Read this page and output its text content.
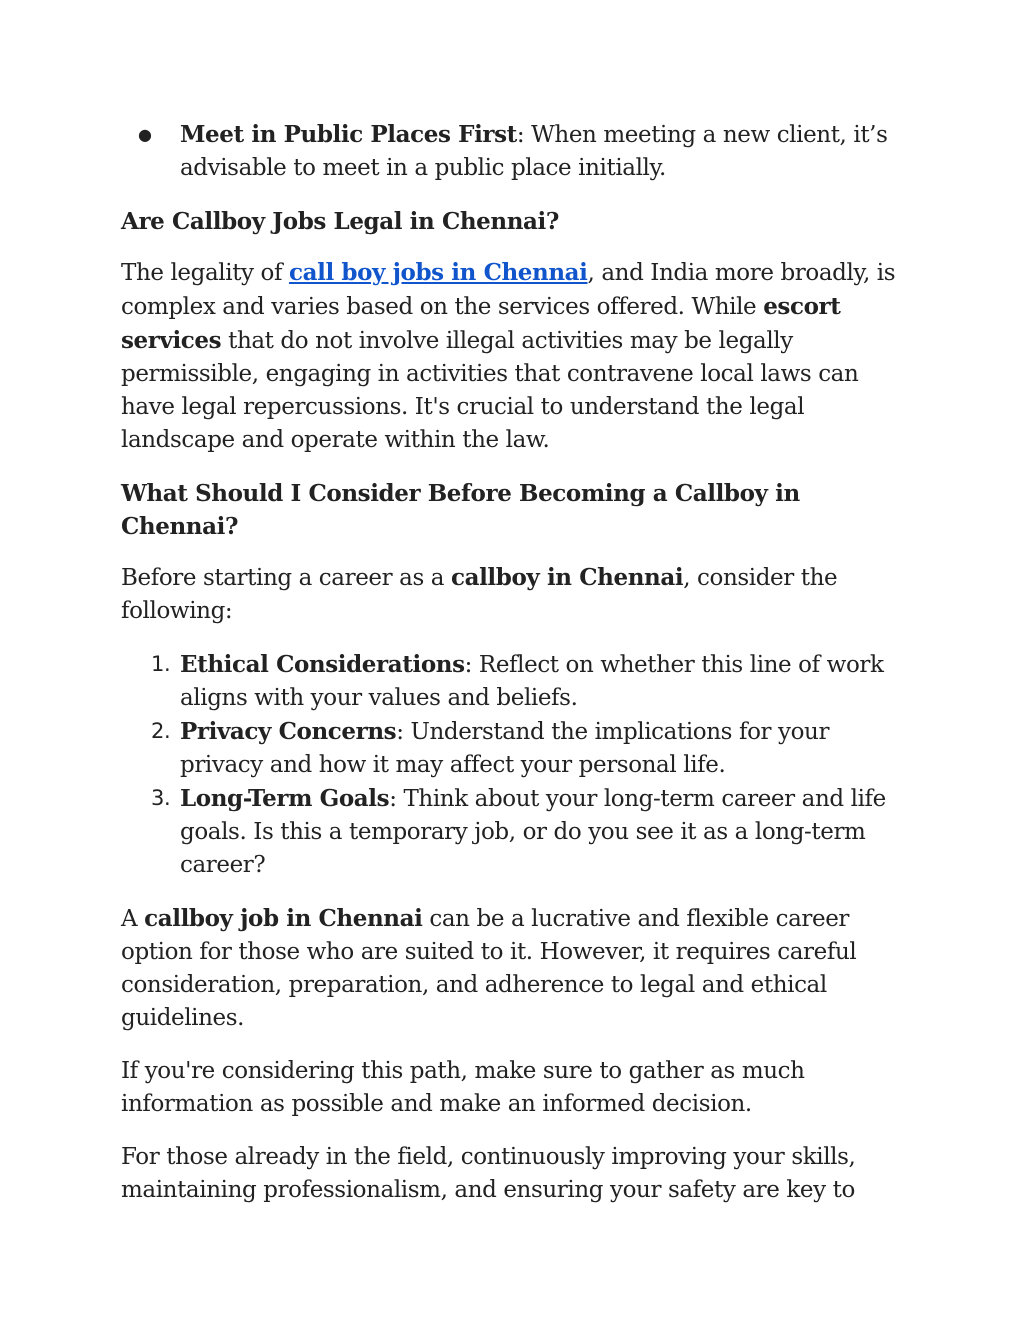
● Meet in Public Places First: When meeting a new client, it’s advisable to meet in a public place initially.
Are Callboy Jobs Legal in Chennai?

The legality of call boy jobs in Chennai, and India more broadly, is complex and varies based on the services offered. While escort services that do not involve illegal activities may be legally permissible, engaging in activities that contravene local laws can have legal repercussions. It's crucial to understand the legal landscape and operate within the law.

What Should I Consider Before Becoming a Callboy in Chennai?

Before starting a career as a callboy in Chennai, consider the following:

1. Ethical Considerations: Reflect on whether this line of work aligns with your values and beliefs.
2. Privacy Concerns: Understand the implications for your privacy and how it may affect your personal life.
3. Long-Term Goals: Think about your long-term career and life goals. Is this a temporary job, or do you see it as a long-term career?

A callboy job in Chennai can be a lucrative and flexible career option for those who are suited to it. However, it requires careful consideration, preparation, and adherence to legal and ethical guidelines.

If you're considering this path, make sure to gather as much information as possible and make an informed decision.

For those already in the field, continuously improving your skills, maintaining professionalism, and ensuring your safety are key to
